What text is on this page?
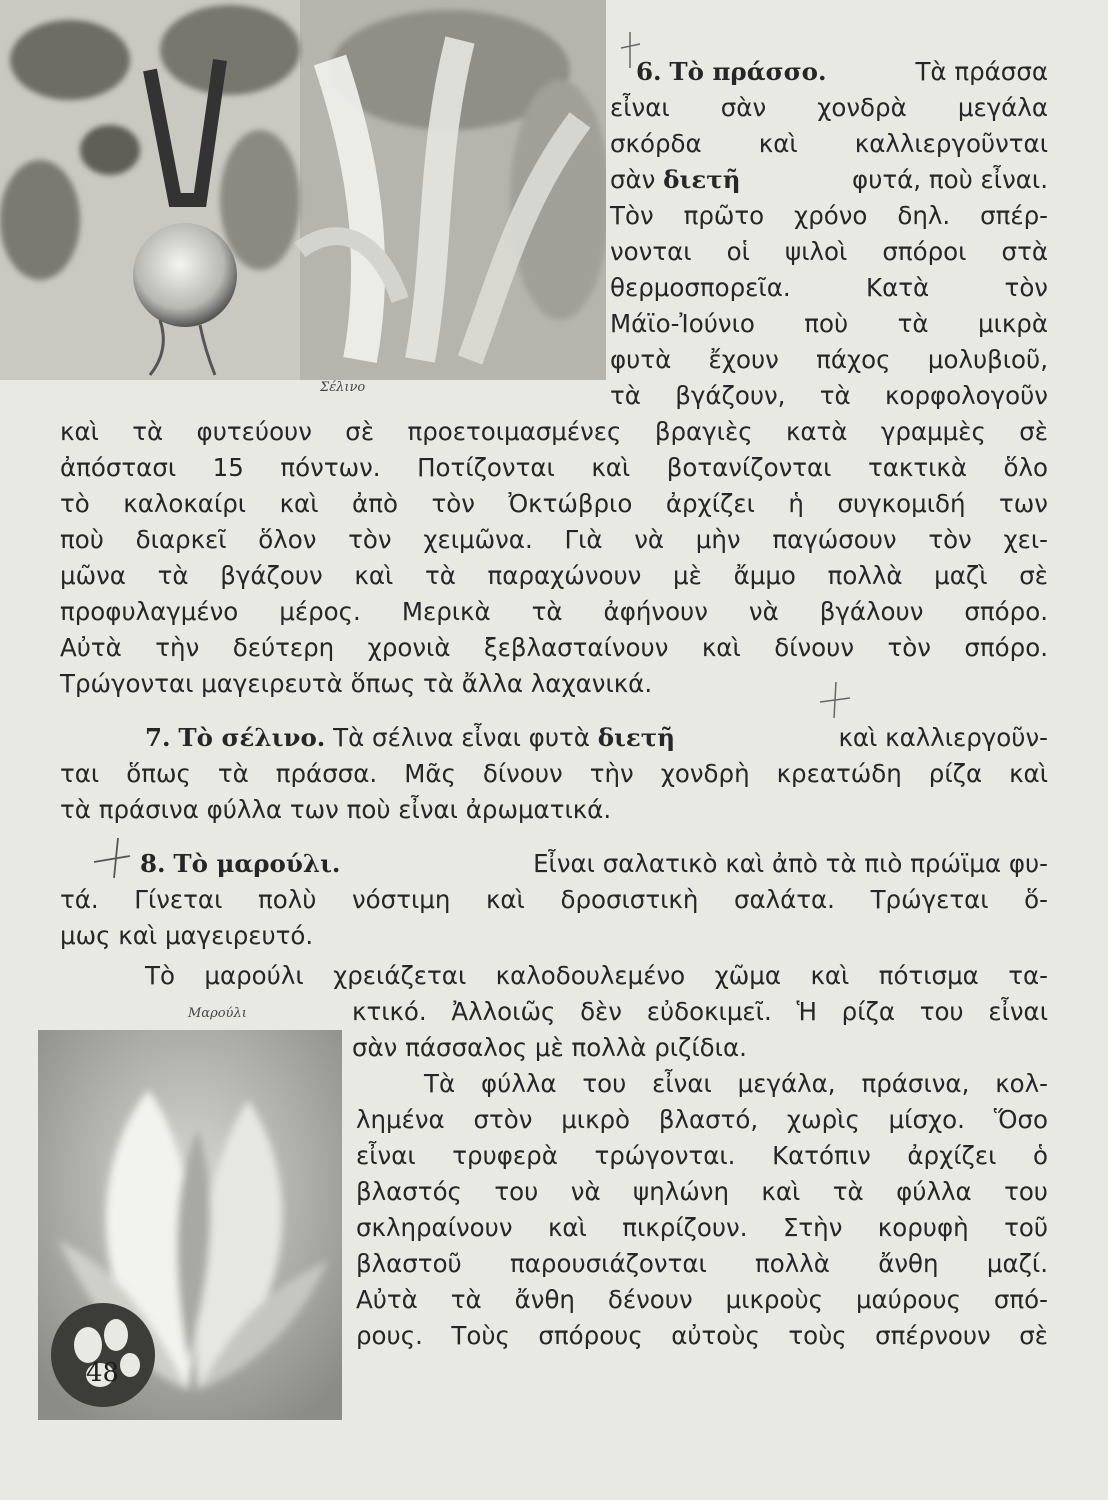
Σέλινο
6. Τὸ πράσσο.	Τὰ πράσσα
εἶναι σὰν χονδρὰ μεγάλα
σκόρδα καὶ καλλιεργοῦνται
σὰν διετῆ	φυτά, ποὺ εἶναι.
Τὸν πρῶτο χρόνο δηλ. σπέρ-
νονται οἱ ψιλοὶ σπόροι στὰ
θερμοσπορεῖα. Κατὰ τὸν
Μάϊο-Ἰούνιο ποὺ τὰ μικρὰ
φυτὰ ἔχουν πάχος μολυβιοῦ,
τὰ βγάζουν, τὰ κορφολογοῦν
καὶ τὰ φυτεύουν σὲ προετοιμασμένες βραγιὲς κατὰ γραμμὲς σὲ
ἀπόστασι 15 πόντων. Ποτίζονται καὶ βοτανίζονται τακτικὰ ὅλο
τὸ καλοκαίρι καὶ ἀπὸ τὸν Ὀκτώβριο ἀρχίζει ἡ συγκομιδή των
ποὺ διαρκεῖ ὅλον τὸν χειμῶνα. Γιὰ νὰ μὴν παγώσουν τὸν χει-
μῶνα τὰ βγάζουν καὶ τὰ παραχώνουν μὲ ἄμμο πολλὰ μαζὶ σὲ
προφυλαγμένο μέρος. Μερικὰ τὰ ἀφήνουν νὰ βγάλουν σπόρο.
Αὐτὰ τὴν δεύτερη χρονιὰ ξεβλασταίνουν καὶ δίνουν τὸν σπόρο.
Τρώγονται μαγειρευτὰ ὅπως τὰ ἄλλα λαχανικά.
7. Τὸ σέλινο. Τὰ σέλινα εἶναι φυτὰ διετῆ	καὶ καλλιεργοῦν-
ται ὅπως τὰ πράσσα. Μᾶς δίνουν τὴν χονδρὴ κρεατώδη ρίζα καὶ
τὰ πράσινα φύλλα των ποὺ εἶναι ἀρωματικά.
8. Τὸ μαρούλι.	Εἶναι σαλατικὸ καὶ ἀπὸ τὰ πιὸ πρώϊμα φυ-
τά. Γίνεται πολὺ νόστιμη καὶ δροσιστικὴ σαλάτα. Τρώγεται ὅ-
μως καὶ μαγειρευτό.
Τὸ μαρούλι χρειάζεται καλοδουλεμένο χῶμα καὶ πότισμα τα-
κτικό. Ἀλλοιῶς δὲν εὐδοκιμεῖ. Ἡ ρίζα του εἶναι
σὰν πάσσαλος μὲ πολλὰ ριζίδια.
Τὰ φύλλα του εἶναι μεγάλα, πράσινα, κολ-
λημένα στὸν μικρὸ βλαστό, χωρὶς μίσχο. Ὅσο
εἶναι τρυφερὰ τρώγονται. Κατόπιν ἀρχίζει ὁ
βλαστός του νὰ ψηλώνη καὶ τὰ φύλλα του
σκληραίνουν καὶ πικρίζουν. Στὴν κορυφὴ τοῦ
βλαστοῦ παρουσιάζονται πολλὰ ἄνθη μαζί.
Αὐτὰ τὰ ἄνθη δένουν μικροὺς μαύρους σπό-
ρους. Τοὺς σπόρους αὐτοὺς τοὺς σπέρνουν σὲ
Μαρούλι
48
